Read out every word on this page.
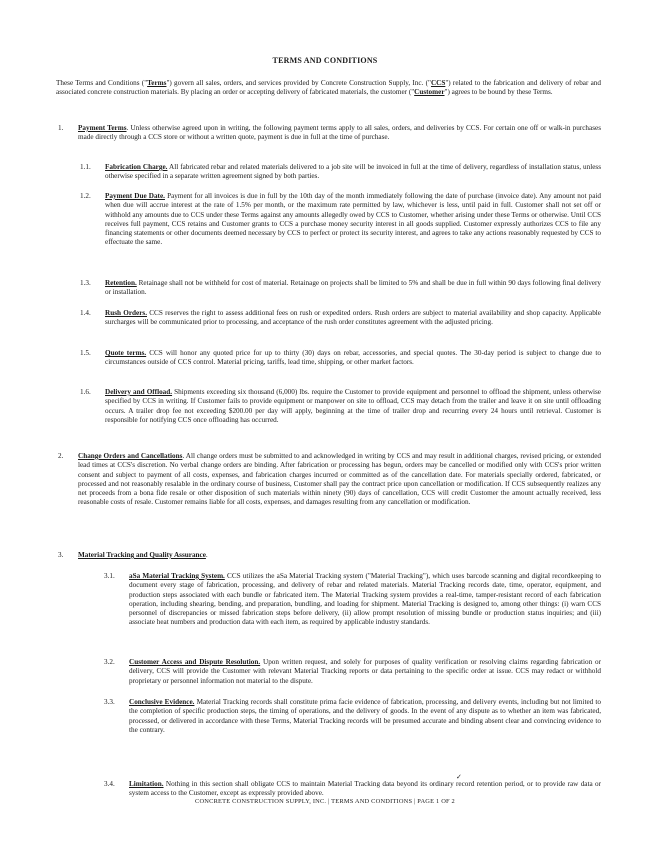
TERMS AND CONDITIONS
These Terms and Conditions ("Terms") govern all sales, orders, and services provided by Concrete Construction Supply, Inc. ("CCS") related to the fabrication and delivery of rebar and associated concrete construction materials. By placing an order or accepting delivery of fabricated materials, the customer ("Customer") agrees to be bound by these Terms.
1. Payment Terms. Unless otherwise agreed upon in writing, the following payment terms apply to all sales, orders, and deliveries by CCS. For certain one off or walk-in purchases made directly through a CCS store or without a written quote, payment is due in full at the time of purchase.
1.1. Fabrication Charge. All fabricated rebar and related materials delivered to a job site will be invoiced in full at the time of delivery, regardless of installation status, unless otherwise specified in a separate written agreement signed by both parties.
1.2. Payment Due Date. Payment for all invoices is due in full by the 10th day of the month immediately following the date of purchase (invoice date). Any amount not paid when due will accrue interest at the rate of 1.5% per month, or the maximum rate permitted by law, whichever is less, until paid in full. Customer shall not set off or withhold any amounts due to CCS under these Terms against any amounts allegedly owed by CCS to Customer, whether arising under these Terms or otherwise. Until CCS receives full payment, CCS retains and Customer grants to CCS a purchase money security interest in all goods supplied. Customer expressly authorizes CCS to file any financing statements or other documents deemed necessary by CCS to perfect or protect its security interest, and agrees to take any actions reasonably requested by CCS to effectuate the same.
1.3. Retention. Retainage shall not be withheld for cost of material. Retainage on projects shall be limited to 5% and shall be due in full within 90 days following final delivery or installation.
1.4. Rush Orders. CCS reserves the right to assess additional fees on rush or expedited orders. Rush orders are subject to material availability and shop capacity. Applicable surcharges will be communicated prior to processing, and acceptance of the rush order constitutes agreement with the adjusted pricing.
1.5. Quote terms. CCS will honor any quoted price for up to thirty (30) days on rebar, accessories, and special quotes. The 30-day period is subject to change due to circumstances outside of CCS control. Material pricing, tariffs, lead time, shipping, or other market factors.
1.6. Delivery and Offload. Shipments exceeding six thousand (6,000) lbs. require the Customer to provide equipment and personnel to offload the shipment, unless otherwise specified by CCS in writing. If Customer fails to provide equipment or manpower on site to offload, CCS may detach from the trailer and leave it on site until offloading occurs. A trailer drop fee not exceeding $200.00 per day will apply, beginning at the time of trailer drop and recurring every 24 hours until retrieval. Customer is responsible for notifying CCS once offloading has occurred.
2. Change Orders and Cancellations. All change orders must be submitted to and acknowledged in writing by CCS and may result in additional charges, revised pricing, or extended lead times at CCS's discretion. No verbal change orders are binding. After fabrication or processing has begun, orders may be cancelled or modified only with CCS's prior written consent and subject to payment of all costs, expenses, and fabrication charges incurred or committed as of the cancellation date. For materials specially ordered, fabricated, or processed and not reasonably resalable in the ordinary course of business, Customer shall pay the contract price upon cancellation or modification. If CCS subsequently realizes any net proceeds from a bona fide resale or other disposition of such materials within ninety (90) days of cancellation, CCS will credit Customer the amount actually received, less reasonable costs of resale. Customer remains liable for all costs, expenses, and damages resulting from any cancellation or modification.
3. Material Tracking and Quality Assurance.
3.1. aSa Material Tracking System. CCS utilizes the aSa Material Tracking system ("Material Tracking"), which uses barcode scanning and digital recordkeeping to document every stage of fabrication, processing, and delivery of rebar and related materials. Material Tracking records date, time, operator, equipment, and production steps associated with each bundle or fabricated item. The Material Tracking system provides a real-time, tamper-resistant record of each fabrication operation, including shearing, bending, and preparation, bundling, and loading for shipment. Material Tracking is designed to, among other things: (i) warn CCS personnel of discrepancies or missed fabrication steps before delivery, (ii) allow prompt resolution of missing bundle or production status inquiries; and (iii) associate heat numbers and production data with each item, as required by applicable industry standards.
3.2. Customer Access and Dispute Resolution. Upon written request, and solely for purposes of quality verification or resolving claims regarding fabrication or delivery, CCS will provide the Customer with relevant Material Tracking reports or data pertaining to the specific order at issue. CCS may redact or withhold proprietary or personnel information not material to the dispute.
3.3. Conclusive Evidence. Material Tracking records shall constitute prima facie evidence of fabrication, processing, and delivery events, including but not limited to the completion of specific production steps, the timing of operations, and the delivery of goods. In the event of any dispute as to whether an item was fabricated, processed, or delivered in accordance with these Terms, Material Tracking records will be presumed accurate and binding absent clear and convincing evidence to the contrary.
✓
3.4. Limitation. Nothing in this section shall obligate CCS to maintain Material Tracking data beyond its ordinary record retention period, or to provide raw data or system access to the Customer, except as expressly provided above.
CONCRETE CONSTRUCTION SUPPLY, INC. | TERMS AND CONDITIONS | PAGE 1 OF 2
